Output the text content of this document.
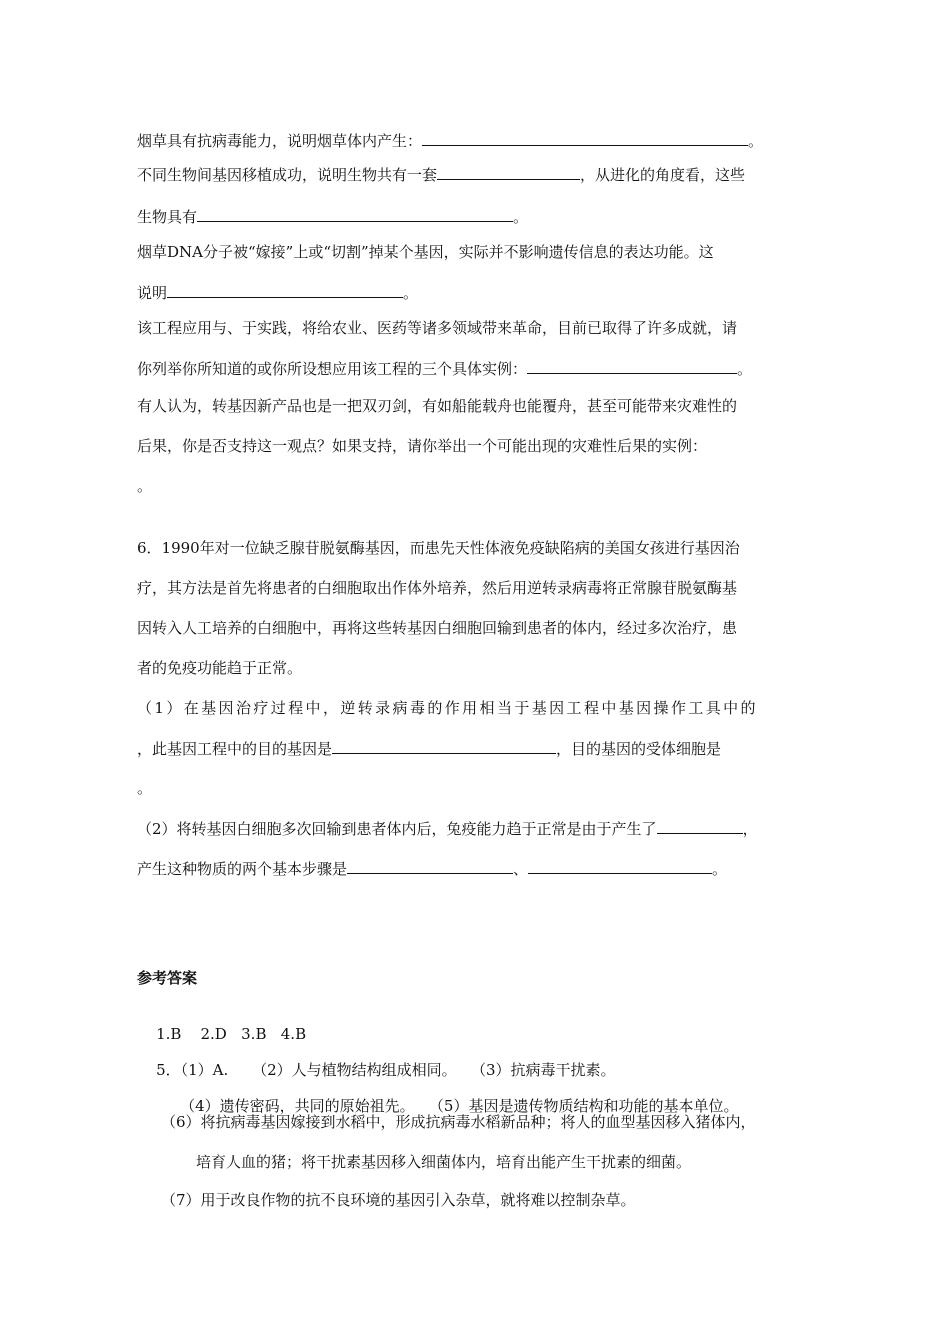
烟草具有抗病毒能力，说明烟草体内产生：	。
不同生物间基因移植成功，说明生物共有一套	，从进化的角度看，这些
生物具有	。
烟草DNA分子被“嫁接”上或“切割”掉某个基因，实际并不影响遗传信息的表达功能。这
说明	。
该工程应用与、于实践，将给农业、医药等诸多领域带来革命，目前已取得了许多成就，请
你列举你所知道的或你所设想应用该工程的三个具体实例：	。
有人认为，转基因新产品也是一把双刃剑，有如船能载舟也能覆舟，甚至可能带来灾难性的
后果，你是否支持这一观点？如果支持，请你举出一个可能出现的灾难性后果的实例：
。
6．1990年对一位缺乏腺苷脱氨酶基因，而患先天性体液免疫缺陷病的美国女孩进行基因治
疗，其方法是首先将患者的白细胞取出作体外培养，然后用逆转录病毒将正常腺苷脱氨酶基
因转入人工培养的白细胞中，再将这些转基因白细胞回输到患者的体内，经过多次治疗，患
者的免疫功能趋于正常。
（1）在基因治疗过程中，逆转录病毒的作用相当于基因工程中基因操作工具中的
，此基因工程中的目的基因是	，目的基因的受体细胞是
。
（2）将转基因白细胞多次回输到患者体内后，兔疫能力趋于正常是由于产生了	，
产生这种物质的两个基本步骤是	、	。
参考答案

1.B    2.D   3.B   4.B

5．（1）A.     （2）人与植物结构组成相同。   （3）抗病毒干扰素。

（4）遗传密码，共同的原始祖先。   （5）基因是遗传物质结构和功能的基本单位。

（6）将抗病毒基因嫁接到水稻中，形成抗病毒水稻新品种；将人的血型基因移入猪体内，
培育人血的猪；将干扰素基因移入细菌体内，培育出能产生干扰素的细菌。
（7）用于改良作物的抗不良环境的基因引入杂草，就将难以控制杂草。
